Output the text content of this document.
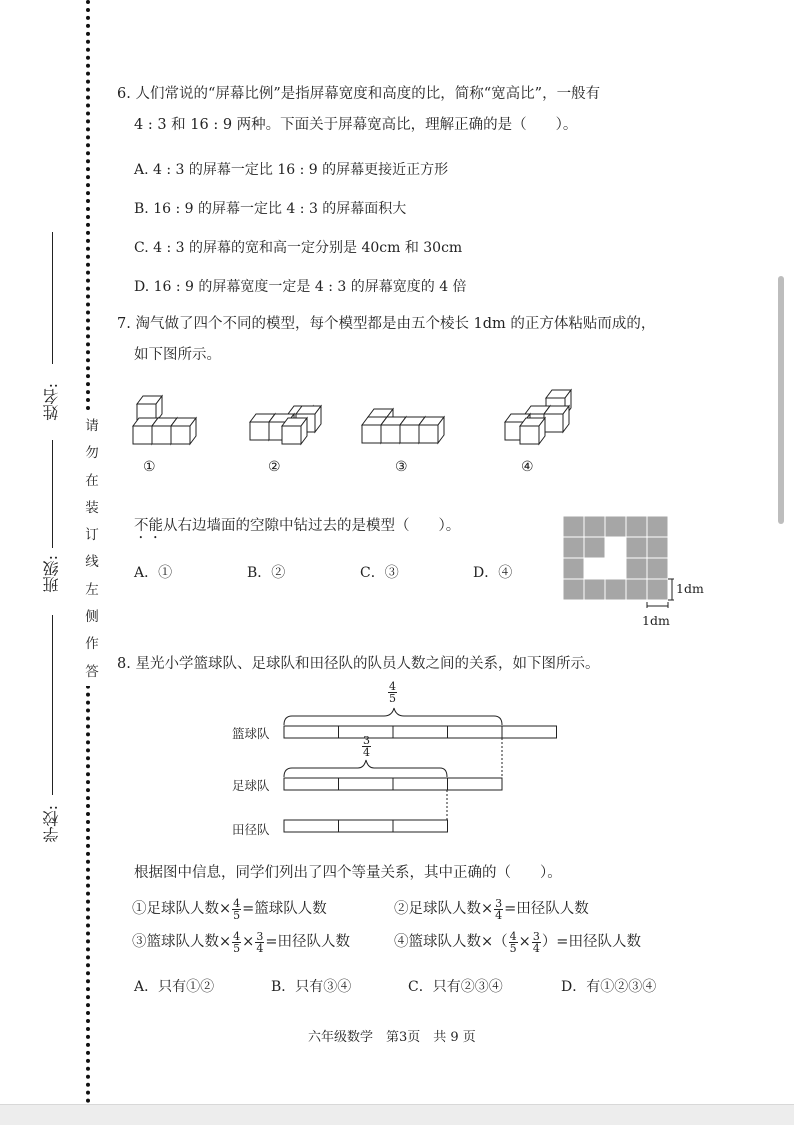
姓名:
班级:
学校:
请
勿
在
装
订
线
左
侧
作
答
6. 人们常说的“屏幕比例”是指屏幕宽度和高度的比，简称“宽高比”，一般有
4 : 3 和 16 : 9 两种。下面关于屏幕宽高比，理解正确的是（　　）。
A. 4 : 3 的屏幕一定比 16 : 9 的屏幕更接近正方形
B. 16 : 9 的屏幕一定比 4 : 3 的屏幕面积大
C. 4 : 3 的屏幕的宽和高一定分别是 40cm 和 30cm
D. 16 : 9 的屏幕宽度一定是 4 : 3 的屏幕宽度的 4 倍
7. 淘气做了四个不同的模型，每个模型都是由五个棱长 1dm 的正方体粘贴而成的，
如下图所示。
①	②	③	④
不能从右边墙面的空隙中钻过去的是模型（　　）。
A．①	B．②	C．③	D．④
1dm
1dm
8. 星光小学篮球队、足球队和田径队的队员人数之间的关系，如下图所示。
$\frac{4}{5}$
$\frac{3}{4}$
篮球队
足球队
田径队
根据图中信息，同学们列出了四个等量关系，其中正确的（　　）。
①足球队人数× $\frac{4}{5}$ =篮球队人数	②足球队人数× $\frac{3}{4}$ =田径队人数
③篮球队人数× $\frac{4}{5} \times \frac{3}{4}$ =田径队人数	④篮球队人数×（ $\frac{4}{5} \times \frac{3}{4}$ ）=田径队人数
A．只有①②	B．只有③④	C．只有②③④	D．有①②③④
六年级数学　第3页　共 9 页
